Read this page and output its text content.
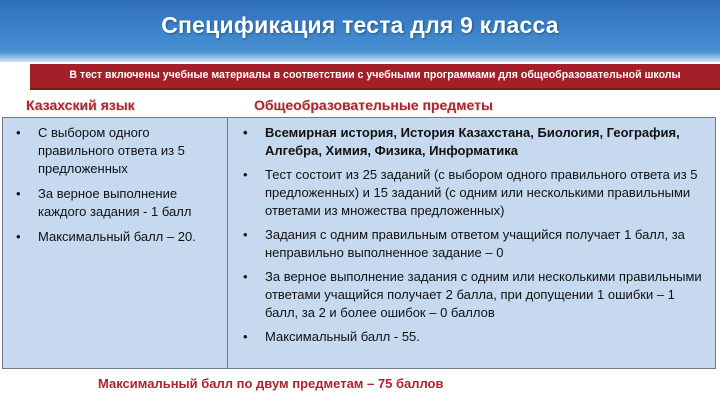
Спецификация теста для 9 класса
В тест включены учебные материалы в соответствии с учебными программами для общеобразовательной школы
Казахский язык	Общеобразовательные предметы
• С выбором одного правильного ответа из 5 предложенных
• За верное выполнение каждого задания - 1 балл
• Максимальный балл – 20.
• Всемирная история, История Казахстана, Биология, География, Алгебра, Химия, Физика, Информатика
• Тест состоит из 25 заданий (с выбором одного правильного ответа из 5 предложенных) и 15 заданий (с одним или несколькими правильными ответами из множества предложенных)
• Задания с одним правильным ответом учащийся получает 1 балл, за неправильно выполненное задание – 0
• За верное выполнение задания с одним или несколькими правильными ответами учащийся получает 2 балла, при допущении 1 ошибки – 1 балл, за 2 и более ошибок – 0 баллов
• Максимальный балл - 55.
Максимальный балл по двум предметам – 75 баллов
